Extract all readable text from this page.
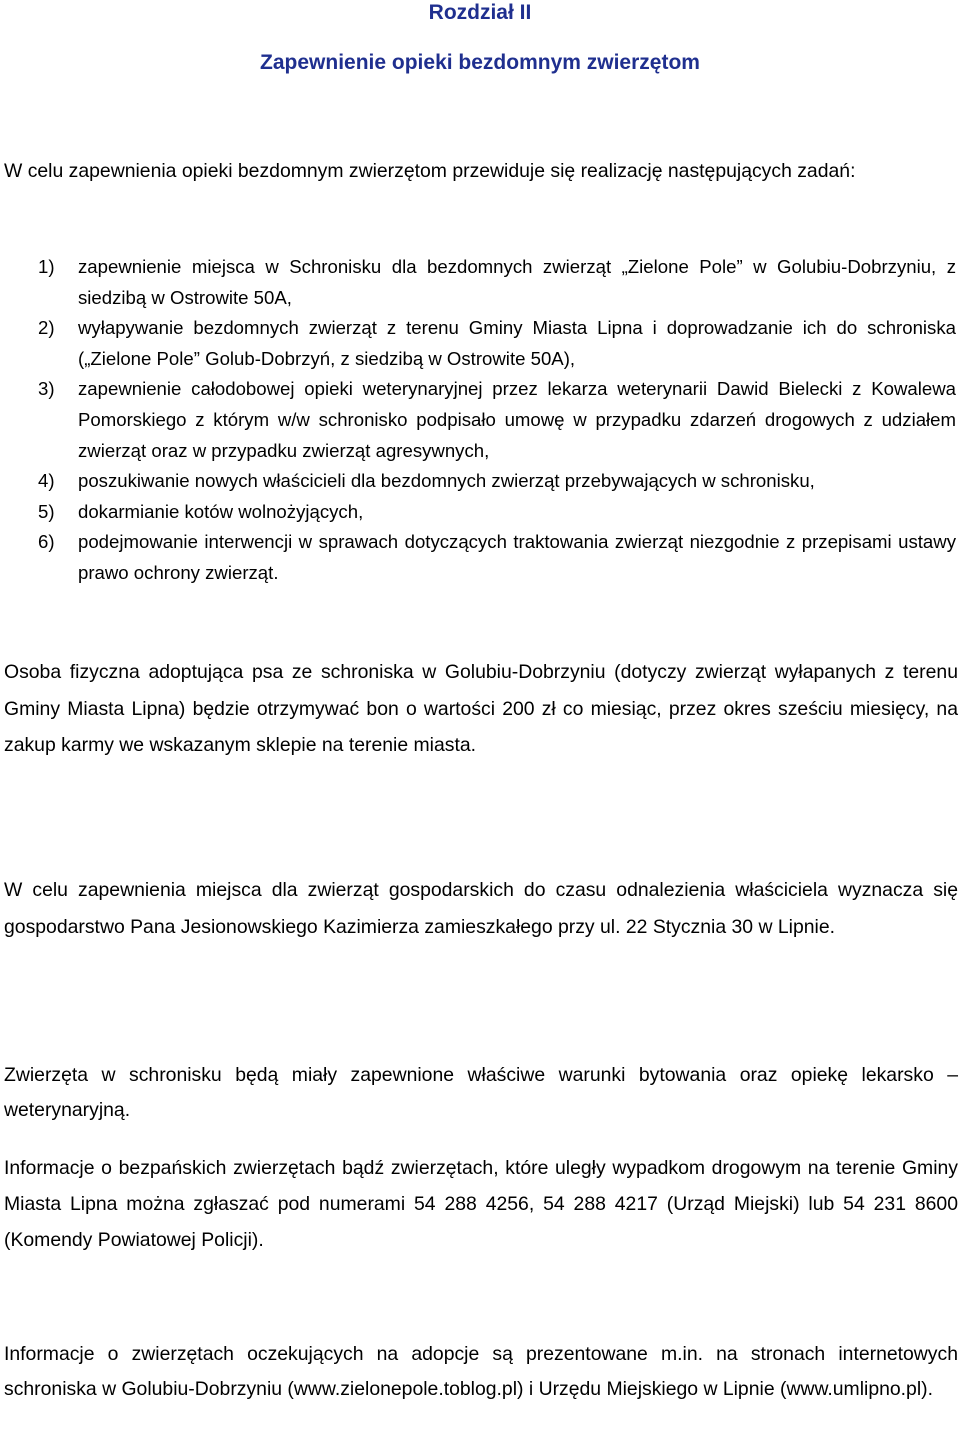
Rozdział II
Zapewnienie opieki bezdomnym zwierzętom

W celu zapewnienia opieki bezdomnym zwierzętom przewiduje się realizację następujących zadań:

1) zapewnienie miejsca w Schronisku dla bezdomnych zwierząt „Zielone Pole” w Golubiu-Dobrzyniu, z siedzibą w Ostrowite 50A,
2) wyłapywanie bezdomnych zwierząt z terenu Gminy Miasta Lipna i doprowadzanie ich do schroniska („Zielone Pole” Golub-Dobrzyń, z siedzibą w Ostrowite 50A),
3) zapewnienie całodobowej opieki weterynaryjnej przez lekarza weterynarii Dawid Bielecki z Kowalewa Pomorskiego z którym w/w schronisko podpisało umowę w przypadku zdarzeń drogowych z udziałem zwierząt oraz w przypadku zwierząt agresywnych,
4) poszukiwanie nowych właścicieli dla bezdomnych zwierząt przebywających w schronisku,
5) dokarmianie kotów wolnożyjących,
6) podejmowanie interwencji w sprawach dotyczących traktowania zwierząt niezgodnie z przepisami ustawy prawo ochrony zwierząt.

Osoba fizyczna adoptująca psa ze schroniska w Golubiu-Dobrzyniu (dotyczy zwierząt wyłapanych z terenu Gminy Miasta Lipna) będzie otrzymywać bon o wartości 200 zł co miesiąc, przez okres sześciu miesięcy, na zakup karmy we wskazanym sklepie na terenie miasta.

W celu zapewnienia miejsca dla zwierząt gospodarskich do czasu odnalezienia właściciela wyznacza się gospodarstwo Pana Jesionowskiego Kazimierza zamieszkałego przy ul. 22 Stycznia 30 w Lipnie.

Zwierzęta w schronisku będą miały zapewnione właściwe warunki bytowania oraz opiekę lekarsko – weterynaryjną.

Informacje o bezpańskich zwierzętach bądź zwierzętach, które uległy wypadkom drogowym na terenie Gminy Miasta Lipna można zgłaszać pod numerami 54 288 4256, 54 288 4217 (Urząd Miejski) lub 54 231 8600 (Komendy Powiatowej Policji).

Informacje o zwierzętach oczekujących na adopcje są prezentowane m.in. na stronach internetowych schroniska w Golubiu-Dobrzyniu (www.zielonepole.toblog.pl) i Urzędu Miejskiego w Lipnie (www.umlipno.pl).
